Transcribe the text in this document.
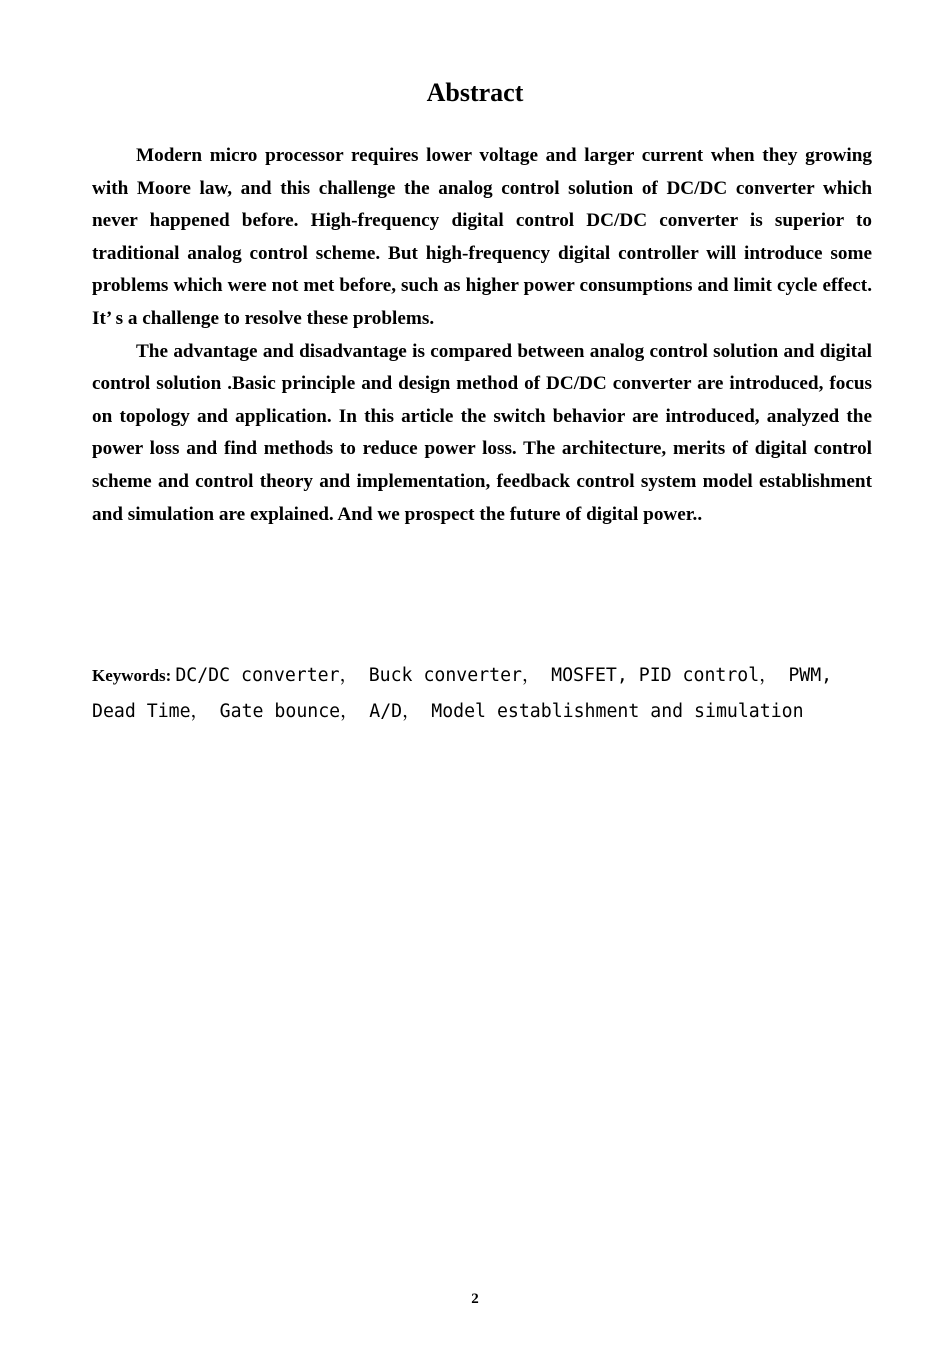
Abstract

Modern micro processor requires lower voltage and larger current when they growing with Moore law, and this challenge the analog control solution of DC/DC converter which never happened before. High-frequency digital control DC/DC converter is superior to traditional analog control scheme. But high-frequency digital controller will introduce some problems which were not met before, such as higher power consumptions and limit cycle effect. It’ s a challenge to resolve these problems.

The advantage and disadvantage is compared between analog control solution and digital control solution .Basic principle and design method of DC/DC converter are introduced, focus on topology and application. In this article the switch behavior are introduced, analyzed the power loss and find methods to reduce power loss. The architecture, merits of digital control scheme and control theory and implementation, feedback control system model establishment and simulation are explained. And we prospect the future of digital power..

Keywords: DC/DC converter， Buck converter， MOSFET, PID control， PWM, Dead Time， Gate bounce， A/D， Model establishment and simulation

2
